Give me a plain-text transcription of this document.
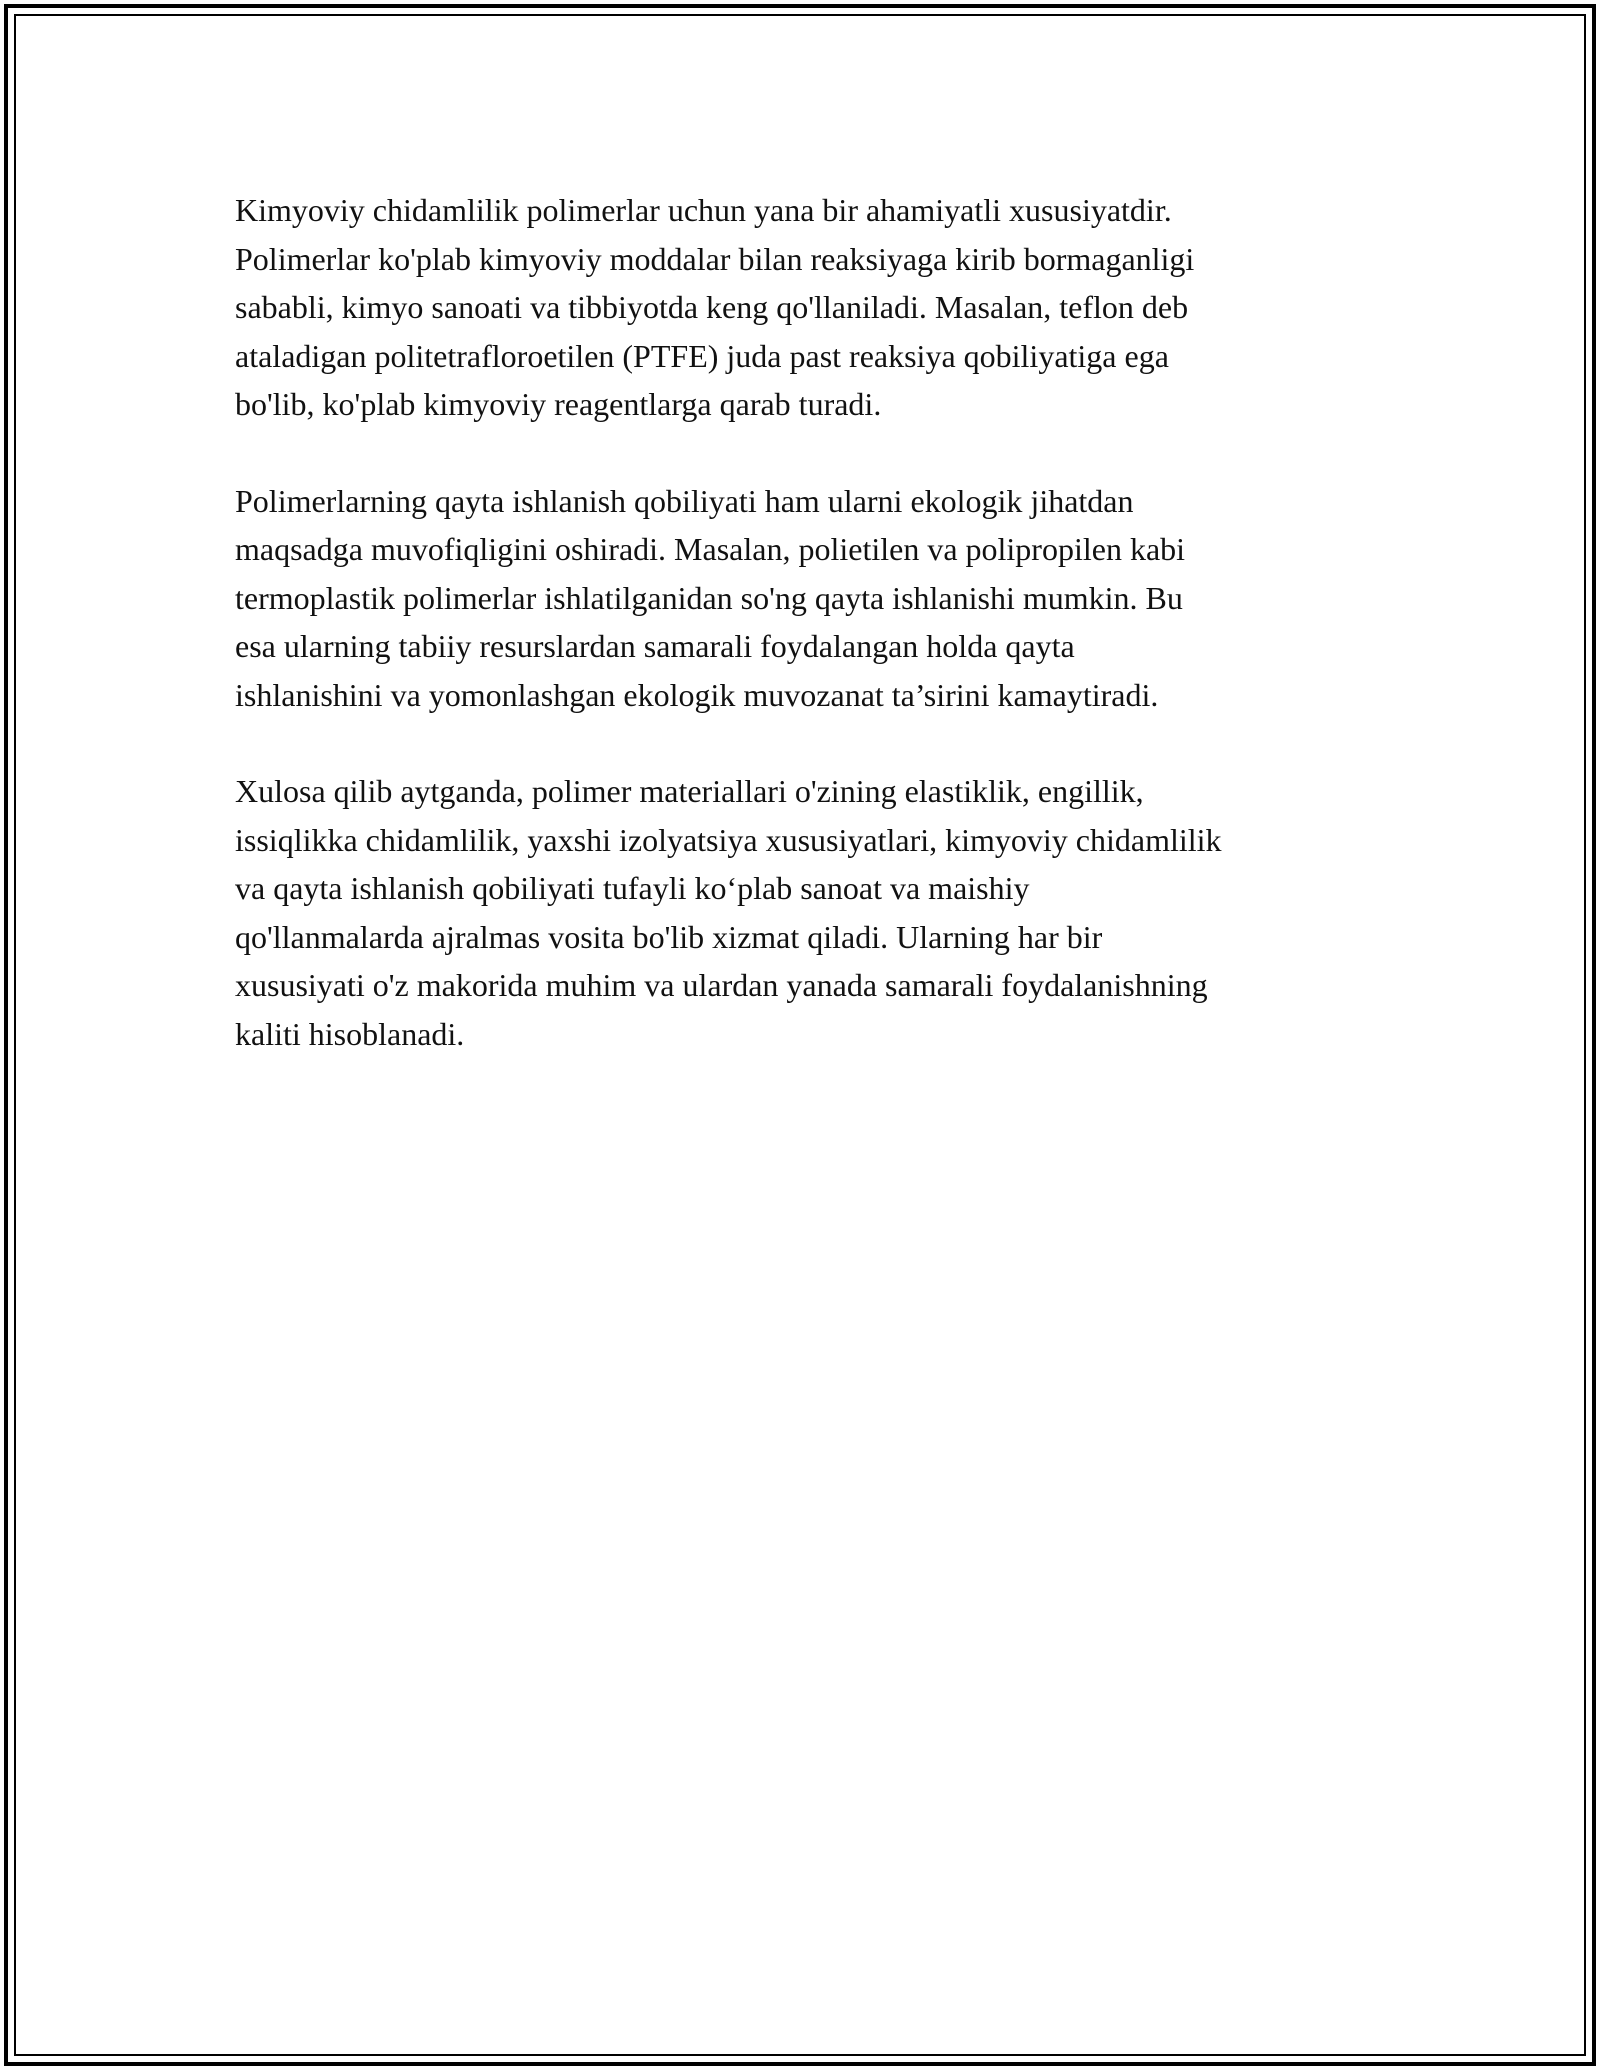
Kimyoviy chidamlilik polimerlar uchun yana bir ahamiyatli xususiyatdir.
Polimerlar ko'plab kimyoviy moddalar bilan reaksiyaga kirib bormaganligi
sababli, kimyo sanoati va tibbiyotda keng qo'llaniladi. Masalan, teflon deb
ataladigan politetrafloroetilen (PTFE) juda past reaksiya qobiliyatiga ega
bo'lib, ko'plab kimyoviy reagentlarga qarab turadi.

Polimerlarning qayta ishlanish qobiliyati ham ularni ekologik jihatdan
maqsadga muvofiqligini oshiradi. Masalan, polietilen va polipropilen kabi
termoplastik polimerlar ishlatilganidan so'ng qayta ishlanishi mumkin. Bu
esa ularning tabiiy resurslardan samarali foydalangan holda qayta
ishlanishini va yomonlashgan ekologik muvozanat ta’sirini kamaytiradi.

Xulosa qilib aytganda, polimer materiallari o'zining elastiklik, engillik,
issiqlikka chidamlilik, yaxshi izolyatsiya xususiyatlari, kimyoviy chidamlilik
va qayta ishlanish qobiliyati tufayli ko‘plab sanoat va maishiy
qo'llanmalarda ajralmas vosita bo'lib xizmat qiladi. Ularning har bir
xususiyati o'z makorida muhim va ulardan yanada samarali foydalanishning
kaliti hisoblanadi.
